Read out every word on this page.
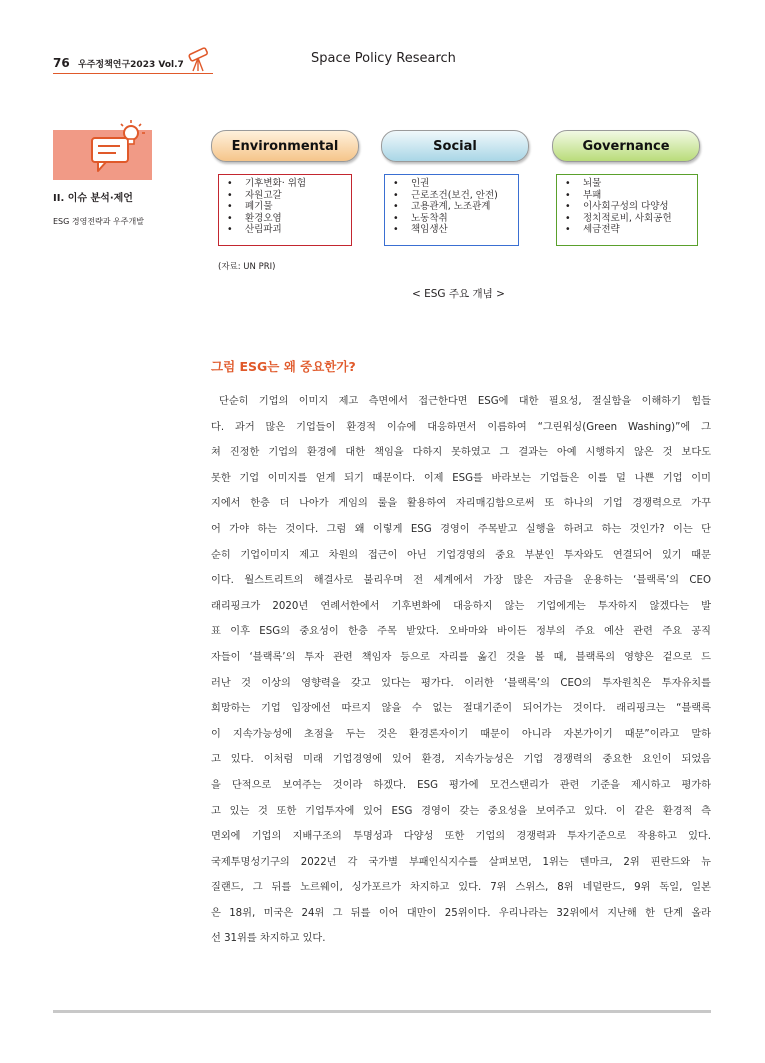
76 우주정책연구2023 Vol.7	Space Policy Research
II. 이슈 분석·제언
ESG 경영전략과 우주개발
Environmental	Social	Governance
• 기후변화· 위험
• 자원고갈
• 폐기물
• 환경오염
• 산림파괴
• 인권
• 근로조건(보건, 안전)
• 고용관계, 노조관계
• 노동착취
• 책임생산
• 뇌물
• 부패
• 이사회구성의 다양성
• 정치적로비, 사회공헌
• 세금전략
(자료: UN PRI)
< ESG 주요 개념 >
그럼 ESG는 왜 중요한가?
단순히 기업의 이미지 제고 측면에서 접근한다면 ESG에 대한 필요성, 절실함을 이해하기 힘들
다. 과거 많은 기업들이 환경적 이슈에 대응하면서 이름하여 “그린워싱(Green Washing)”에 그
쳐 진정한 기업의 환경에 대한 책임을 다하지 못하였고 그 결과는 아예 시행하지 않은 것 보다도
못한 기업 이미지를 얻게 되기 때문이다. 이제 ESG를 바라보는 기업들은 이를 덜 나쁜 기업 이미
지에서 한층 더 나아가 게임의 룰을 활용하여 자리매김함으로써 또 하나의 기업 경쟁력으로 가꾸
어 가야 하는 것이다. 그럼 왜 이렇게 ESG 경영이 주목받고 실행을 하려고 하는 것인가? 이는 단
순히 기업이미지 제고 차원의 접근이 아닌 기업경영의 중요 부분인 투자와도 연결되어 있기 때문
이다. 월스트리트의 해결사로 불리우며 전 세계에서 가장 많은 자금을 운용하는 ‘블랙록’의 CEO
래리핑크가 2020년 연례서한에서 기후변화에 대응하지 않는 기업에게는 투자하지 않겠다는 발
표 이후 ESG의 중요성이 한층 주목 받았다. 오바마와 바이든 정부의 주요 예산 관련 주요 공직
자들이 ‘블랙록’의 투자 관련 책임자 등으로 자리를 옮긴 것을 볼 때, 블랙록의 영향은 겉으로 드
러난 것 이상의 영향력을 갖고 있다는 평가다. 이러한 ‘블랙록’의 CEO의 투자원칙은 투자유치를
희망하는 기업 입장에선 따르지 않을 수 없는 절대기준이 되어가는 것이다. 래리핑크는 “블랙록
이 지속가능성에 초점을 두는 것은 환경론자이기 때문이 아니라 자본가이기 때문”이라고 말하
고 있다. 이처럼 미래 기업경영에 있어 환경, 지속가능성은 기업 경쟁력의 중요한 요인이 되었음
을 단적으로 보여주는 것이라 하겠다. ESG 평가에 모건스탠리가 관련 기준을 제시하고 평가하
고 있는 것 또한 기업투자에 있어 ESG 경영이 갖는 중요성을 보여주고 있다. 이 같은 환경적 측
면외에 기업의 지배구조의 투명성과 다양성 또한 기업의 경쟁력과 투자기준으로 작용하고 있다.
국제투명성기구의 2022년 각 국가별 부패인식지수를 살펴보면, 1위는 덴마크, 2위 핀란드와 뉴
질랜드, 그 뒤를 노르웨이, 싱가포르가 차지하고 있다. 7위 스위스, 8위 네덜란드, 9위 독일, 일본
은 18위, 미국은 24위 그 뒤를 이어 대만이 25위이다. 우리나라는 32위에서 지난해 한 단계 올라
선 31위를 차지하고 있다.
